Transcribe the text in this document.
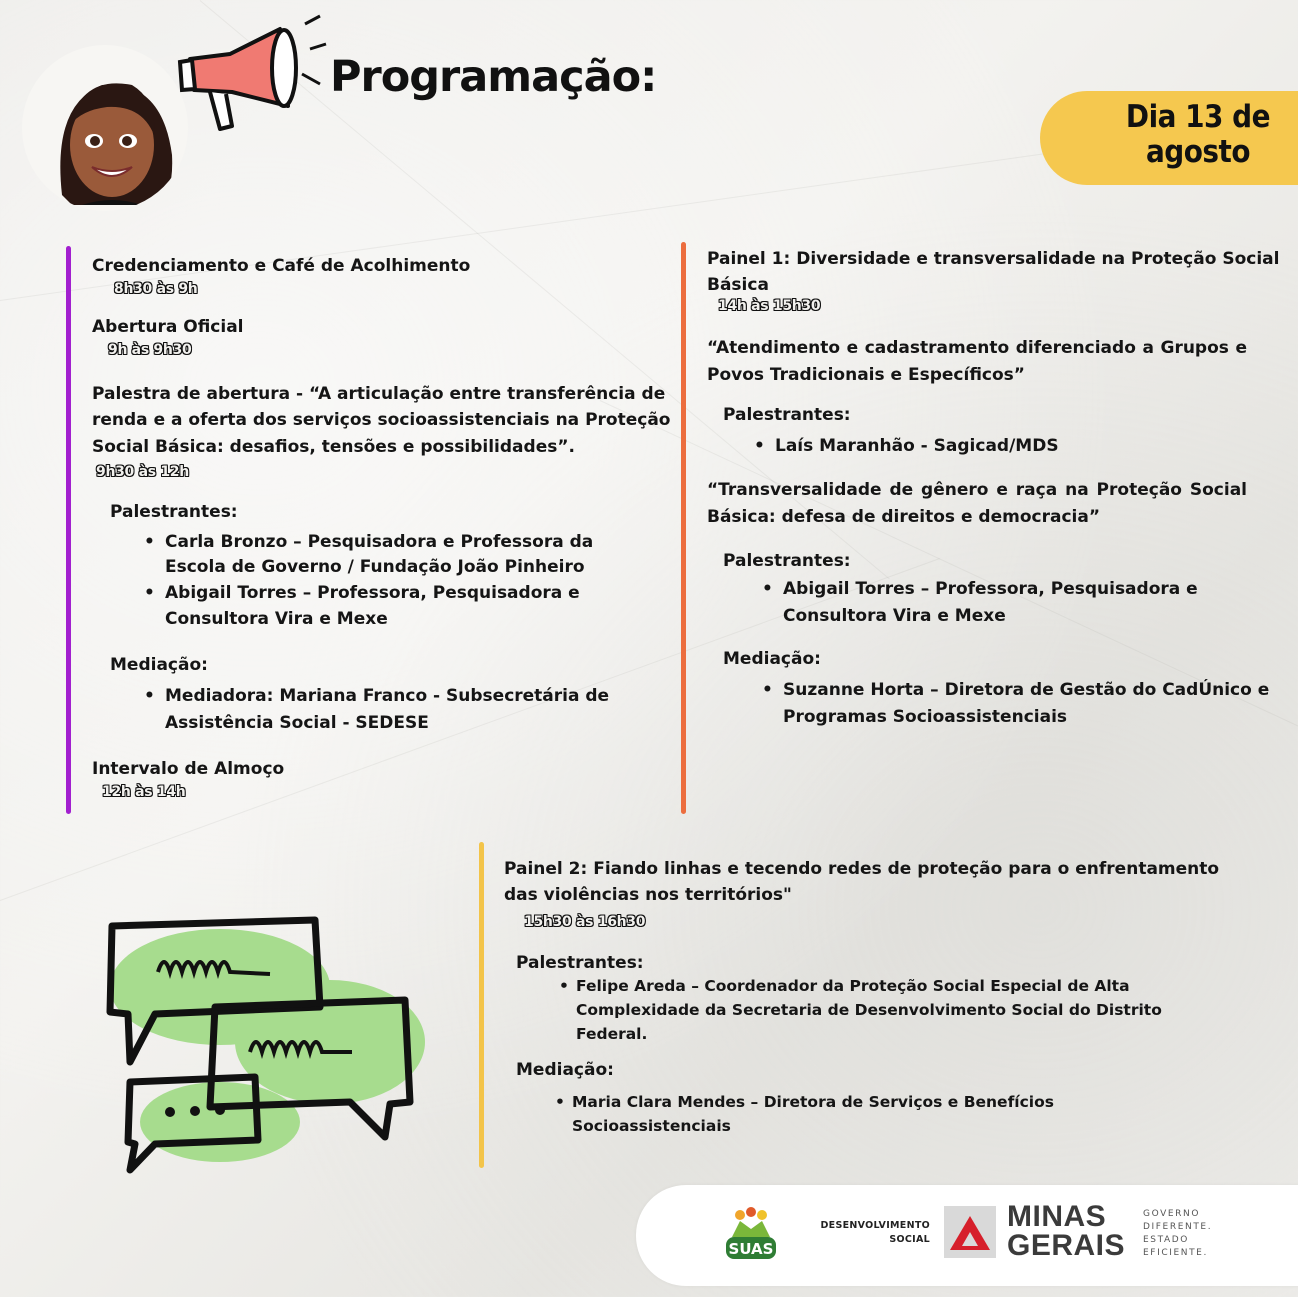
Programação:
Dia 13 de agosto
Credenciamento e Café de Acolhimento
8h30 às 9h
Abertura Oficial
9h às 9h30
Palestra de abertura - “A articulação entre transferência de
renda e a oferta dos serviços socioassistenciais na Proteção
Social Básica: desafios, tensões e possibilidades”.
9h30 às 12h
Palestrantes:
• Carla Bronzo – Pesquisadora e Professora da
Escola de Governo / Fundação João Pinheiro
• Abigail Torres – Professora, Pesquisadora e
Consultora Vira e Mexe
Mediação:
• Mediadora: Mariana Franco - Subsecretária de
Assistência Social - SEDESE
Intervalo de Almoço
12h às 14h
Painel 1: Diversidade e transversalidade na Proteção Social
Básica
14h às 15h30
“Atendimento e cadastramento diferenciado a Grupos e
Povos Tradicionais e Específicos”
Palestrantes:
• Laís Maranhão - Sagicad/MDS
“Transversalidade de gênero e raça na Proteção Social
Básica: defesa de direitos e democracia”
Palestrantes:
• Abigail Torres – Professora, Pesquisadora e
Consultora Vira e Mexe
Mediação:
• Suzanne Horta – Diretora de Gestão do CadÚnico e
Programas Socioassistenciais
Painel 2: Fiando linhas e tecendo redes de proteção para o enfrentamento
das violências nos territórios"
15h30 às 16h30
Palestrantes:
• Felipe Areda – Coordenador da Proteção Social Especial de Alta
Complexidade da Secretaria de Desenvolvimento Social do Distrito
Federal.
Mediação:
• Maria Clara Mendes – Diretora de Serviços e Benefícios
Socioassistenciais
SUAS
DESENVOLVIMENTO
SOCIAL
MINAS
GERAIS
GOVERNO
DIFERENTE.
ESTADO
EFICIENTE.
